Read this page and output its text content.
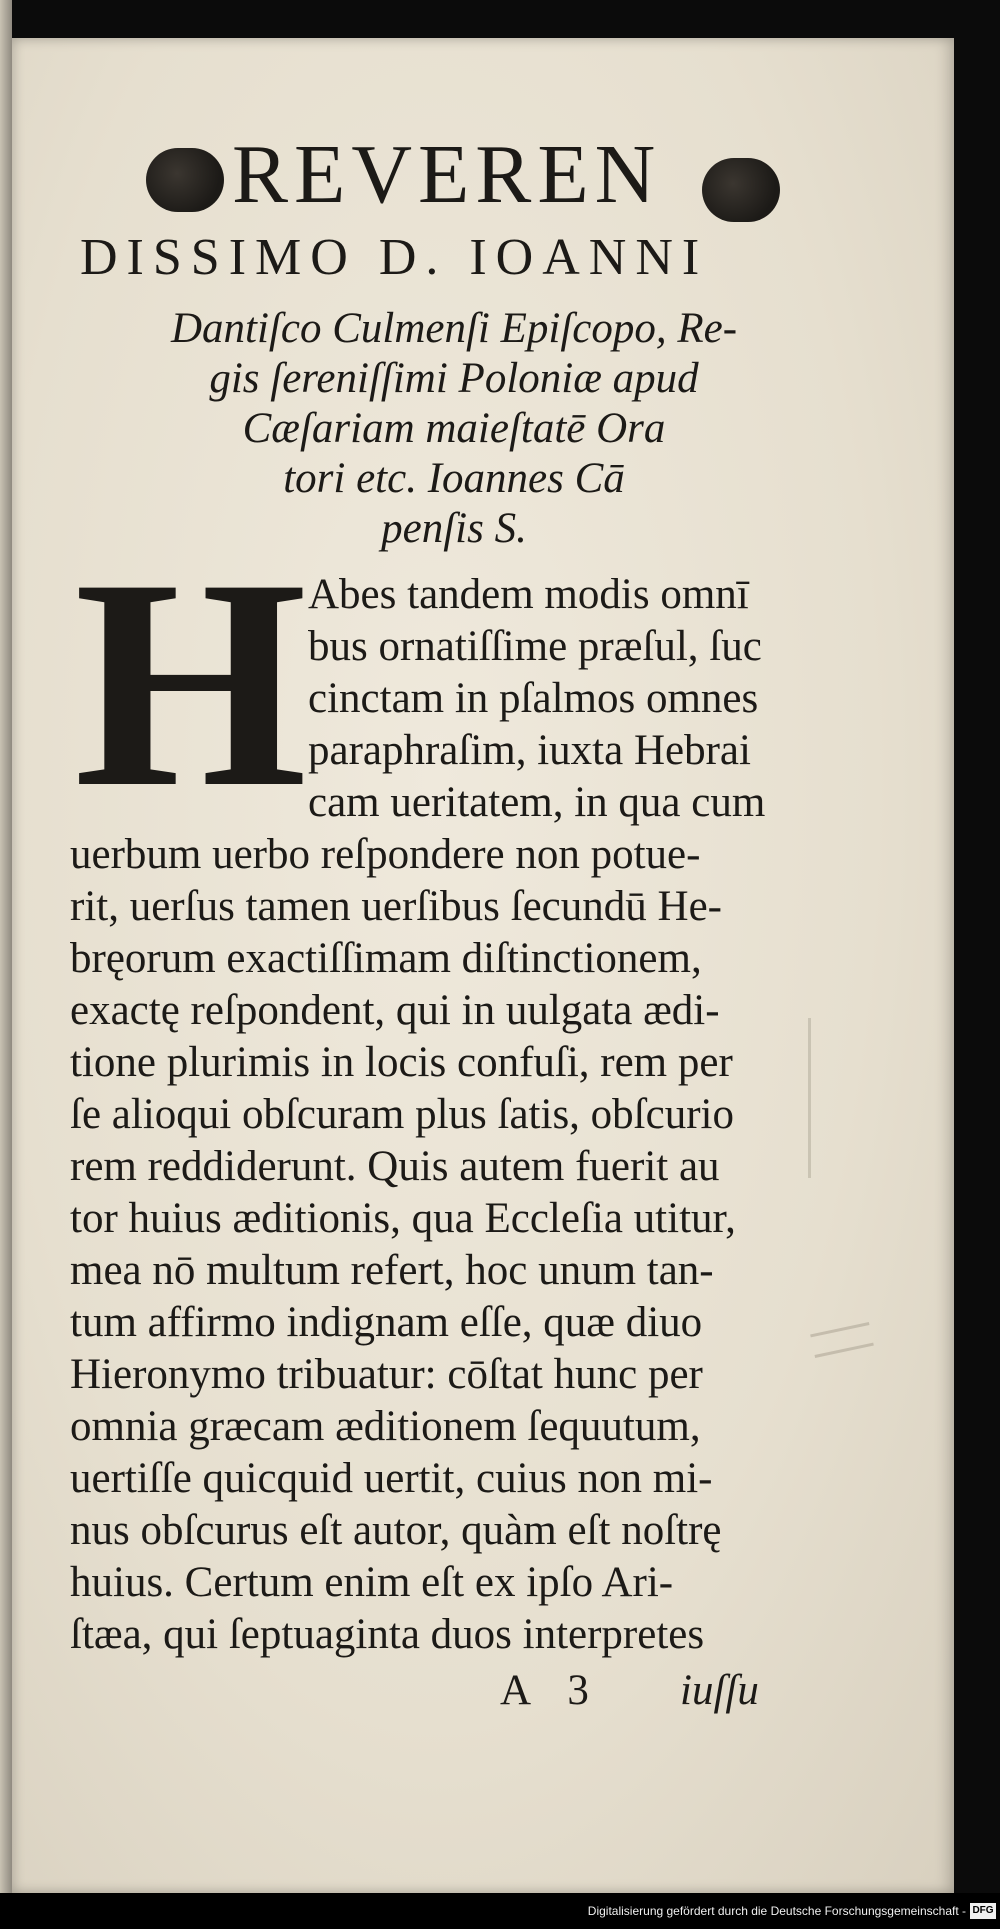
REVEREN

DISSIMO D. IOANNI

Dantiſco Culmenſi Epiſcopo, Re-

gis ſereniſſimi Poloniæ apud

Cæſariam maieſtatē Ora

tori etc. Ioannes Cā

penſis S.

H Abes tandem modis omnī

bus ornatiſſime præſul, ſuc

cinctam in pſalmos omnes

paraphraſim, iuxta Hebrai

cam ueritatem, in qua cum

uerbum uerbo reſpondere non potue-

rit, uerſus tamen uerſibus ſecundū He-

bręorum exactiſſimam diſtinctionem,

exactę reſpondent, qui in uulgata ædi-

tione plurimis in locis confuſi, rem per

ſe alioqui obſcuram plus ſatis, obſcurio

rem reddiderunt. Quis autem fuerit au

tor huius æditionis, qua Eccleſia utitur,

mea nō multum refert, hoc unum tan-

tum affirmo indignam eſſe, quæ diuo

Hieronymo tribuatur: cōſtat hunc per

omnia græcam æditionem ſequutum,

uertiſſe quicquid uertit, cuius non mi-

nus obſcurus eſt autor, quàm eſt noſtrę

huius. Certum enim eſt ex ipſo Ari-

ſtæa, qui ſeptuaginta duos interpretes

A 3 iuſſu

Digitalisierung gefördert durch die Deutsche Forschungsgemeinschaft - DFG
